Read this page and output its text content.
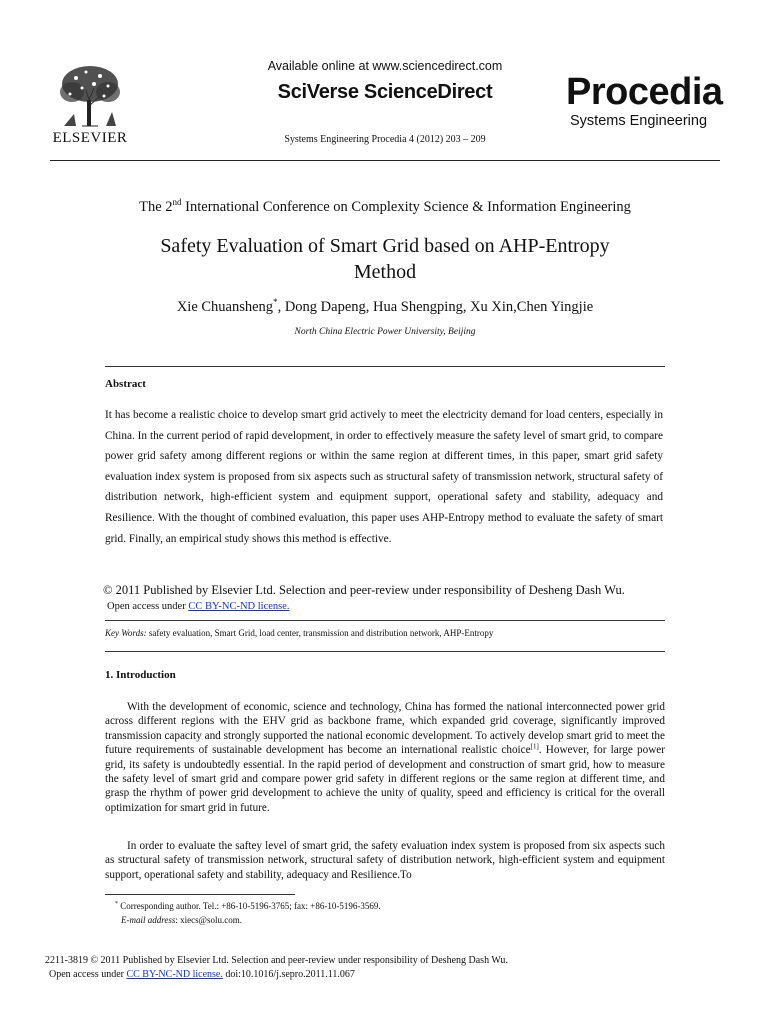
ELSEVIER
Available online at www.sciencedirect.com
SciVerse ScienceDirect
Systems Engineering Procedia 4 (2012) 203 – 209
Procedia
Systems Engineering
The 2nd International Conference on Complexity Science & Information Engineering
Safety Evaluation of Smart Grid based on AHP-Entropy
Method
Xie Chuansheng*, Dong Dapeng, Hua Shengping, Xu Xin,Chen Yingjie
North China Electric Power University, Beijing
Abstract
It has become a realistic choice to develop smart grid actively to meet the electricity demand for load centers, especially in China. In the current period of rapid development, in order to effectively measure the safety level of smart grid, to compare power grid safety among different regions or within the same region at different times, in this paper, smart grid safety evaluation index system is proposed from six aspects such as structural safety of transmission network, structural safety of distribution network, high-efficient system and equipment support, operational safety and stability, adequacy and Resilience. With the thought of combined evaluation, this paper uses AHP-Entropy method to evaluate the safety of smart grid. Finally, an empirical study shows this method is effective.
© 2011 Published by Elsevier Ltd. Selection and peer-review under responsibility of Desheng Dash Wu.
Open access under CC BY-NC-ND license.
Key Words: safety evaluation, Smart Grid, load center, transmission and distribution network, AHP-Entropy
1. Introduction
With the development of economic, science and technology, China has formed the national interconnected power grid across different regions with the EHV grid as backbone frame, which expanded grid coverage, significantly improved transmission capacity and strongly supported the national economic development. To actively develop smart grid to meet the future requirements of sustainable development has become an international realistic choice[1]. However, for large power grid, its safety is undoubtedly essential. In the rapid period of development and construction of smart grid, how to measure the safety level of smart grid and compare power grid safety in different regions or the same region at different time, and grasp the rhythm of power grid development to achieve the unity of quality, speed and efficiency is critical for the overall optimization for smart grid in future.
In order to evaluate the saftey level of smart grid, the safety evaluation index system is proposed from six aspects such as structural safety of transmission network, structural safety of distribution network, high-efficient system and equipment support, operational safety and stability, adequacy and Resilience.To
* Corresponding author. Tel.: +86-10-5196-3765; fax: +86-10-5196-3569.
E-mail address: xiecs@solu.com.
2211-3819 © 2011 Published by Elsevier Ltd. Selection and peer-review under responsibility of Desheng Dash Wu.
Open access under CC BY-NC-ND license. doi:10.1016/j.sepro.2011.11.067
